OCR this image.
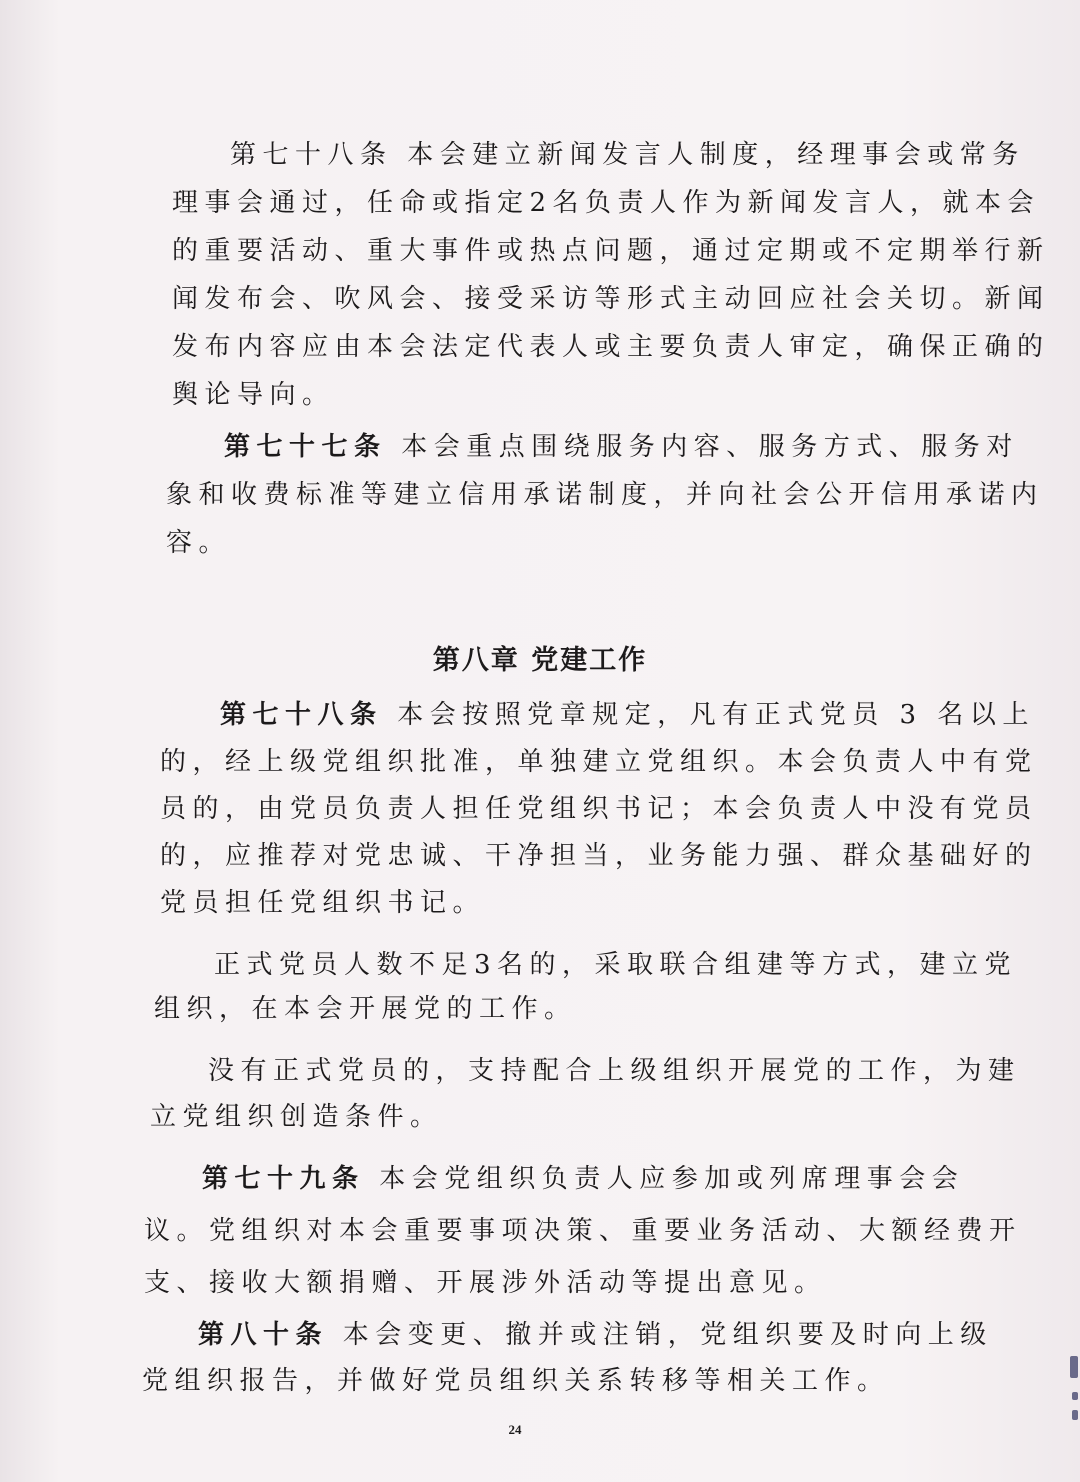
第七十八条 本会建立新闻发言人制度，经理事会或常务
理事会通过，任命或指定2名负责人作为新闻发言人，就本会
的重要活动、重大事件或热点问题，通过定期或不定期举行新
闻发布会、吹风会、接受采访等形式主动回应社会关切。新闻
发布内容应由本会法定代表人或主要负责人审定，确保正确的
舆论导向。
第七十七条 本会重点围绕服务内容、服务方式、服务对
象和收费标准等建立信用承诺制度，并向社会公开信用承诺内
容。
第八章 党建工作
第七十八条 本会按照党章规定，凡有正式党员 3 名以上
的，经上级党组织批准，单独建立党组织。本会负责人中有党
员的，由党员负责人担任党组织书记；本会负责人中没有党员
的，应推荐对党忠诚、干净担当，业务能力强、群众基础好的
党员担任党组织书记。
正式党员人数不足3名的，采取联合组建等方式，建立党
组织，在本会开展党的工作。
没有正式党员的，支持配合上级组织开展党的工作，为建
立党组织创造条件。
第七十九条 本会党组织负责人应参加或列席理事会会
议。党组织对本会重要事项决策、重要业务活动、大额经费开
支、接收大额捐赠、开展涉外活动等提出意见。
第八十条 本会变更、撤并或注销，党组织要及时向上级
党组织报告，并做好党员组织关系转移等相关工作。
24
